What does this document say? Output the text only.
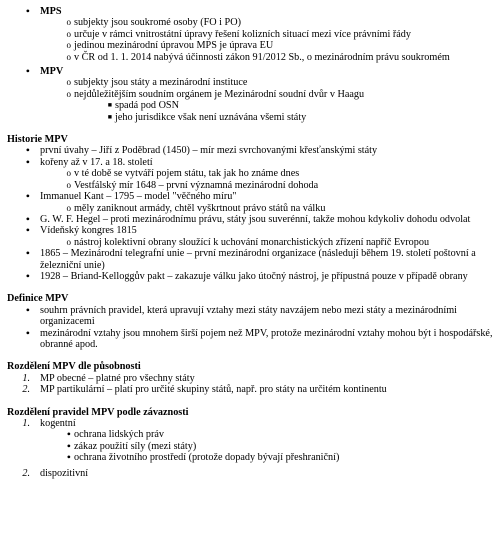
• MPS
o subjekty jsou soukromé osoby (FO i PO)
o určuje v rámci vnitrostátní úpravy řešení kolizních situací mezi více právními řády
o jedinou mezinárodní úpravou MPS je úprava EU
o v ČR od 1. 1. 2014 nabývá účinnosti zákon 91/2012 Sb., o mezinárodním právu soukromém
• MPV
o subjekty jsou státy a mezinárodní instituce
o nejdůležitějším soudním orgánem je Mezinárodní soudní dvůr v Haagu
■ spadá pod OSN
■ jeho jurisdikce však není uznávána všemi státy
Historie MPV
• první úvahy – Jiří z Poděbrad (1450) – mír mezi svrchovanými křesťanskými státy
• kořeny až v 17. a 18. století
o v té době se vytváří pojem státu, tak jak ho známe dnes
o Vestfálský mír 1648 – první významná mezinárodní dohoda
• Immanuel Kant – 1795 – model "věčného míru"
o měly zaniknout armády, chtěl vyškrtnout právo států na válku
• G. W. F. Hegel – proti mezinárodnímu právu, státy jsou suverénní, takže mohou kdykoliv dohodu odvolat
• Vídeňský kongres 1815
o nástroj kolektivní obrany sloužící k uchování monarchistických zřízení napříč Evropou
• 1865 – Mezinárodní telegrafní unie – první mezinárodní organizace (následují během 19. století poštovní a železniční unie)
• 1928 – Briand-Kelloggův pakt – zakazuje válku jako útočný nástroj, je přípustná pouze v případě obrany
Definice MPV
• souhrn právních pravidel, která upravují vztahy mezi státy navzájem nebo mezi státy a mezinárodními organizacemi
• mezinárodní vztahy jsou mnohem širší pojem než MPV, protože mezinárodní vztahy mohou být i hospodářské, obranné apod.
Rozdělení MPV dle působnosti
1. MP obecné – platné pro všechny státy
2. MP partikulární – platí pro určité skupiny států, např. pro státy na určitém kontinentu
Rozdělení pravidel MPV podle závaznosti
1. kogentní
• ochrana lidských práv
• zákaz použití síly (mezi státy)
• ochrana životního prostředí (protože dopady bývají přeshraniční)
2. dispozitivní
